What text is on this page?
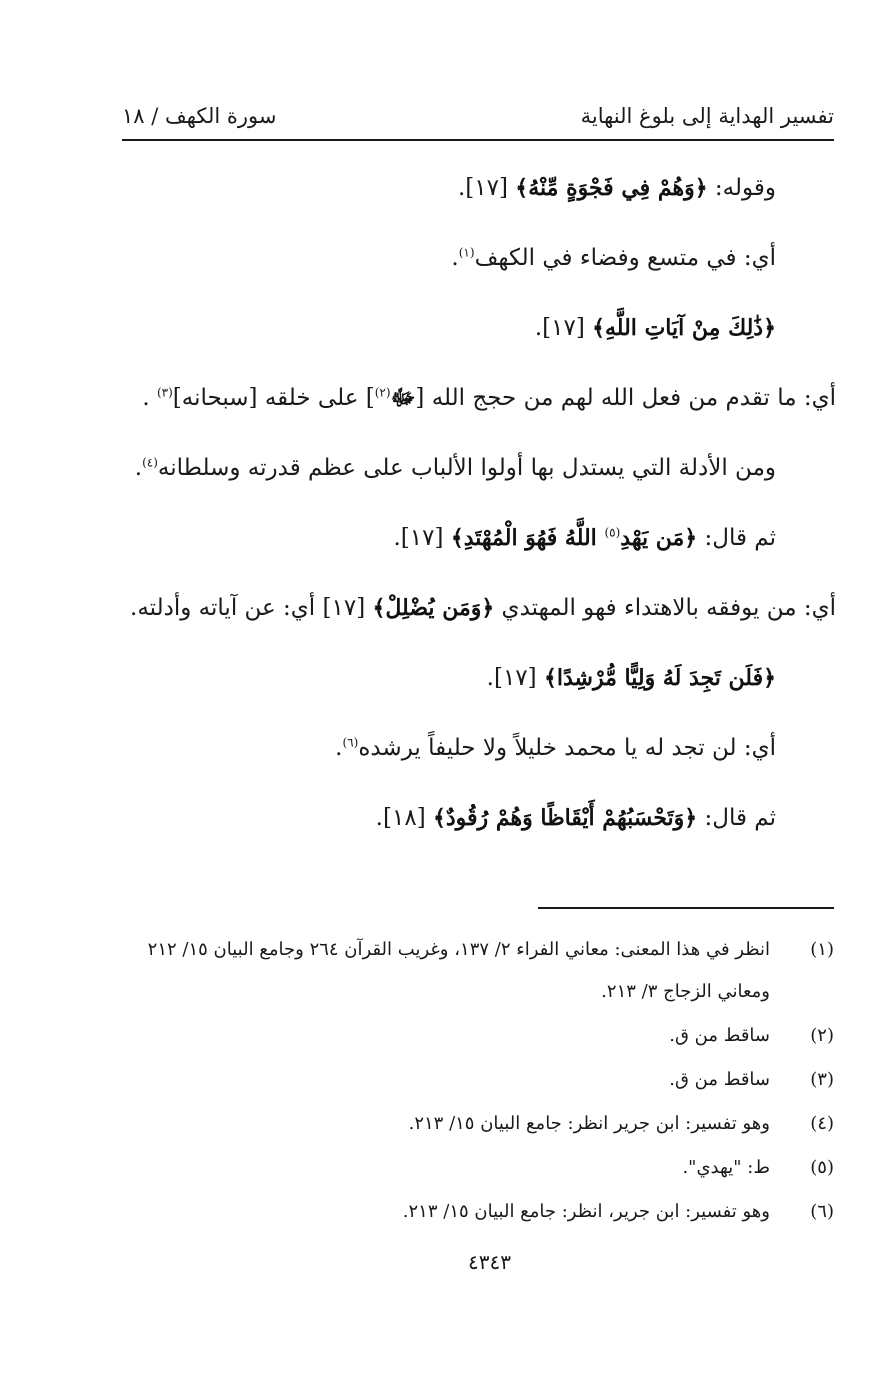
تفسير الهداية إلى بلوغ النهاية
سورة الكهف / ١٨
وقوله: ﴿وَهُمْ فِي فَجْوَةٍ مِّنْهُ﴾ [١٧].
أي: في متسع وفضاء في الكهف$^{(١)}$.
﴿ذَٰلِكَ مِنْ آيَاتِ اللَّهِ﴾ [١٧].
أي: ما تقدم من فعل الله لهم من حجج الله [ﷻ$^{(٢)}$] على خلقه [سبحانه]$^{(٣)}$ .
ومن الأدلة التي يستدل بها أولوا الألباب على عظم قدرته وسلطانه$^{(٤)}$.
ثم قال: ﴿مَن يَهْدِ$^{(٥)}$ اللَّهُ فَهُوَ الْمُهْتَدِ﴾ [١٧].
أي: من يوفقه بالاهتداء فهو المهتدي ﴿وَمَن يُضْلِلْ﴾ [١٧] أي: عن آياته وأدلته.
﴿فَلَن تَجِدَ لَهُ وَلِيًّا مُّرْشِدًا﴾ [١٧].
أي: لن تجد له يا محمد خليلاً ولا حليفاً يرشده$^{(٦)}$.
ثم قال: ﴿وَتَحْسَبُهُمْ أَيْقَاظًا وَهُمْ رُقُودٌ﴾ [١٨].
(١)
انظر في هذا المعنى: معاني الفراء ٢/ ١٣٧، وغريب القرآن ٢٦٤ وجامع البيان ١٥/ ٢١٢
ومعاني الزجاج ٣/ ٢١٣.
(٢)
ساقط من ق.
(٣)
ساقط من ق.
(٤)
وهو تفسير: ابن جرير انظر: جامع البيان ١٥/ ٢١٣.
(٥)
ط: "يهدي".
(٦)
وهو تفسير: ابن جرير، انظر: جامع البيان ١٥/ ٢١٣.
٤٣٤٣
